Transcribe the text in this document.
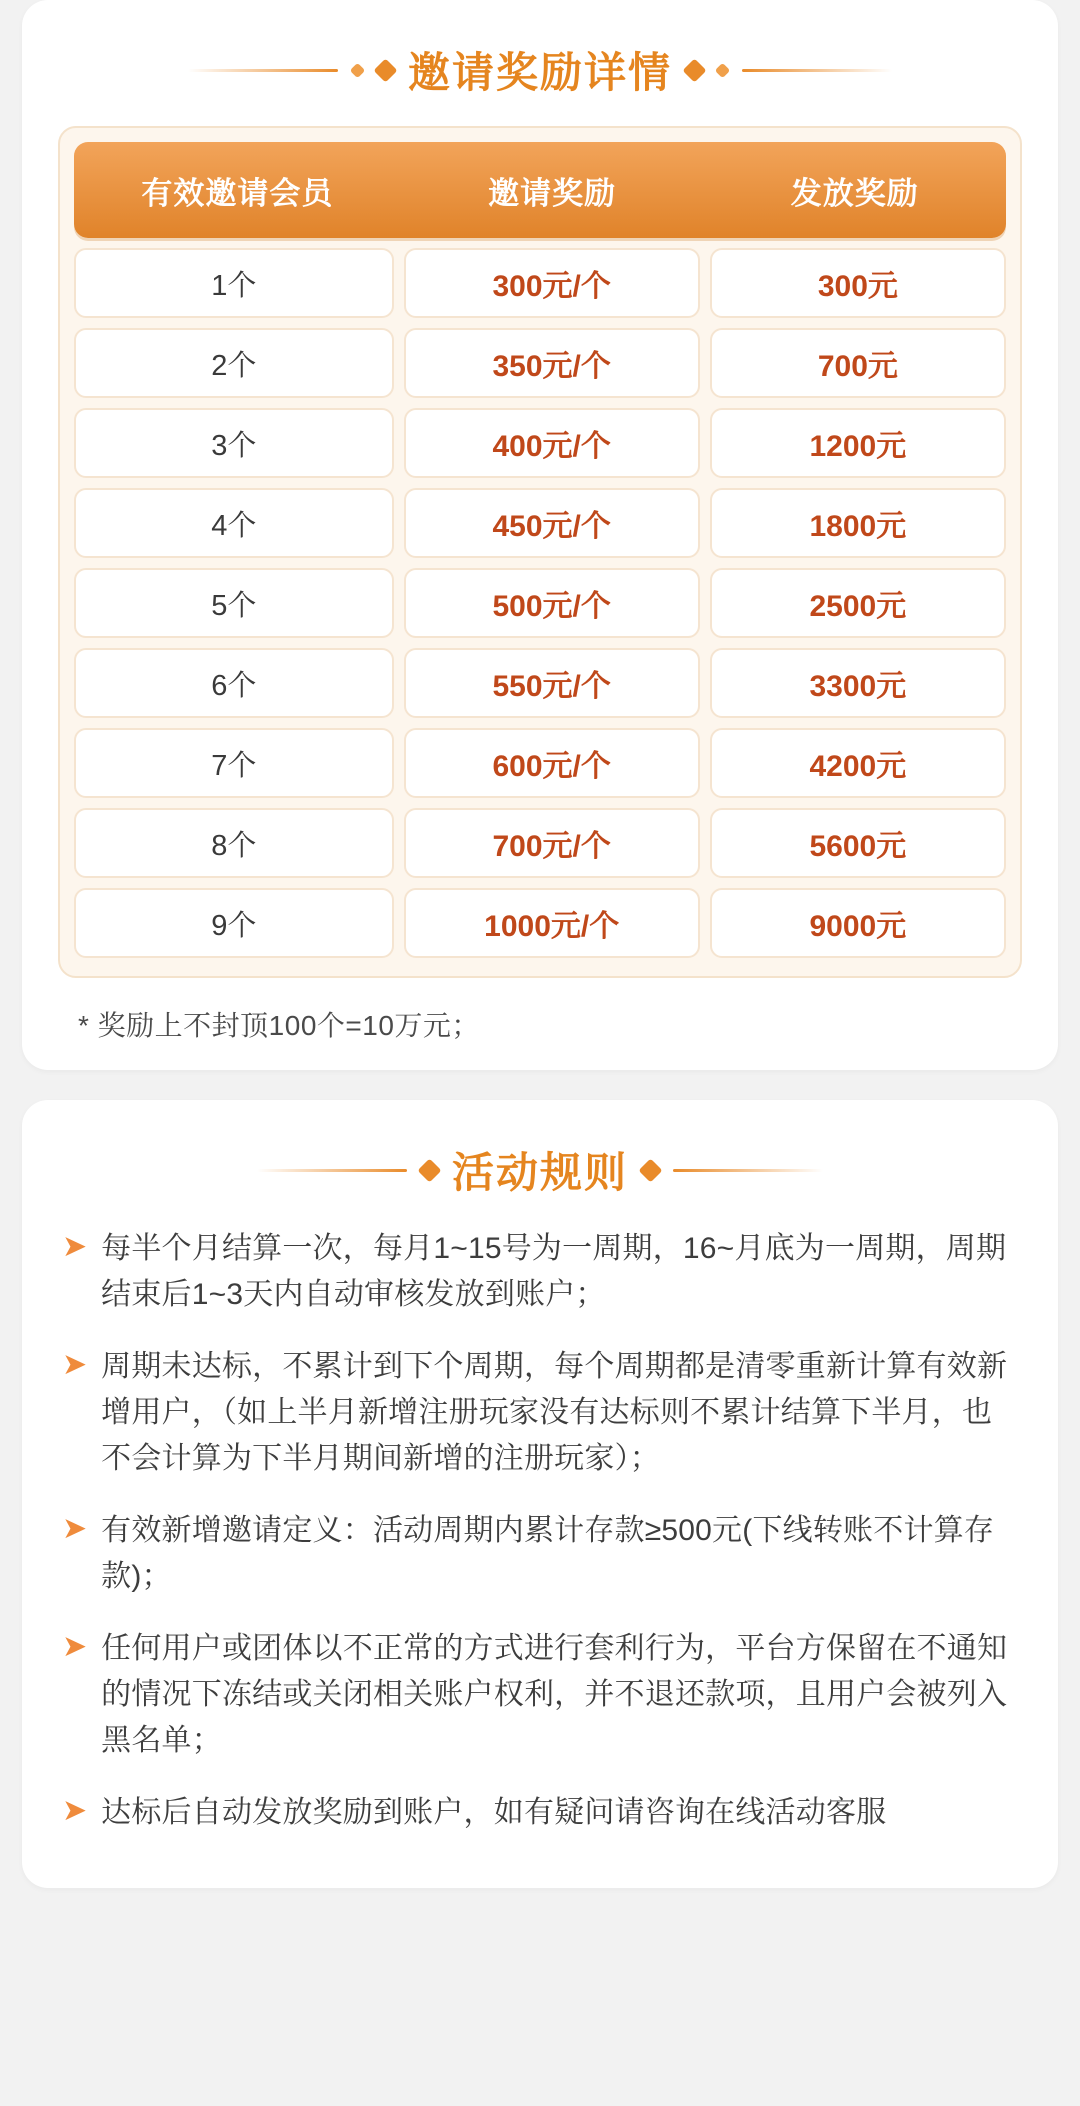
邀请奖励详情
有效邀请会员	邀请奖励	发放奖励
1个	300元/个	300元
2个	350元/个	700元
3个	400元/个	1200元
4个	450元/个	1800元
5个	500元/个	2500元
6个	550元/个	3300元
7个	600元/个	4200元
8个	700元/个	5600元
9个	1000元/个	9000元
* 奖励上不封顶100个=10万元；
活动规则
➤ 每半个月结算一次，每月1~15号为一周期，16~月底为一周期，周期结束后1~3天内自动审核发放到账户；
➤ 周期未达标，不累计到下个周期，每个周期都是清零重新计算有效新增用户，（如上半月新增注册玩家没有达标则不累计结算下半月，也不会计算为下半月期间新增的注册玩家）；
➤ 有效新增邀请定义：活动周期内累计存款≥500元(下线转账不计算存款)；
➤ 任何用户或团体以不正常的方式进行套利行为，平台方保留在不通知的情况下冻结或关闭相关账户权利，并不退还款项，且用户会被列入黑名单；
➤ 达标后自动发放奖励到账户，如有疑问请咨询在线活动客服
